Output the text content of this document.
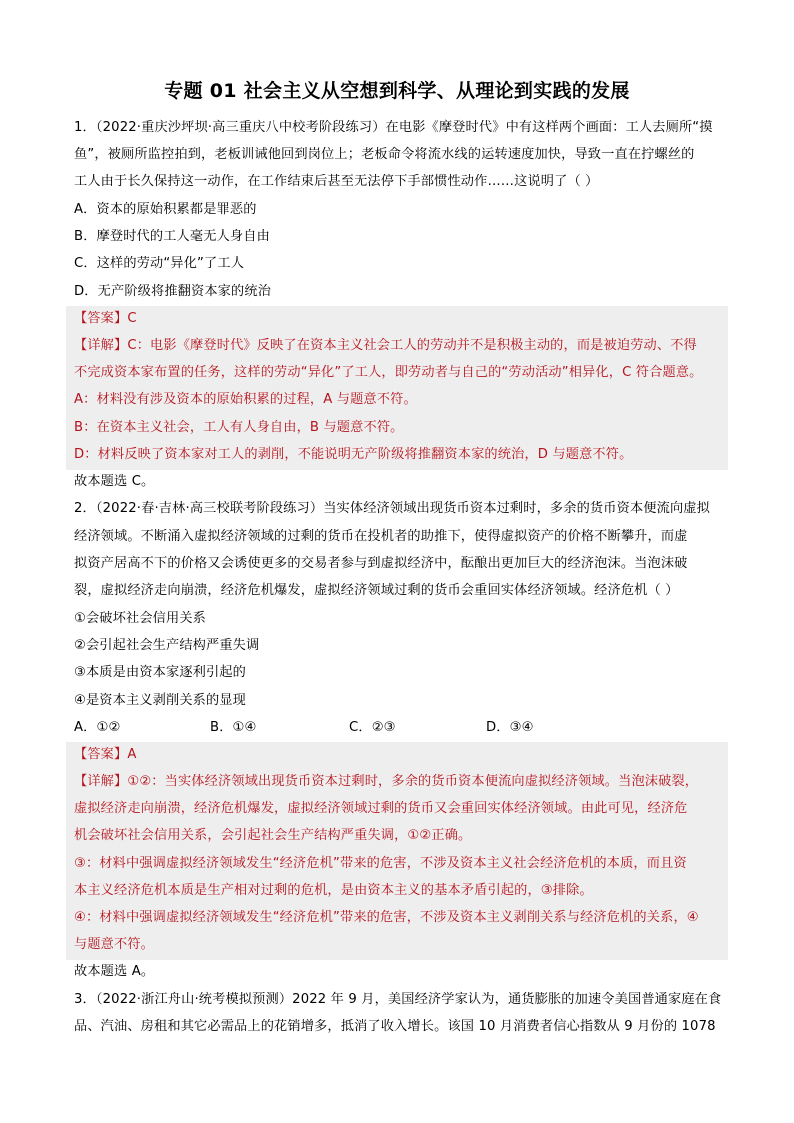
专题 01 社会主义从空想到科学、从理论到实践的发展
1．（2022·重庆沙坪坝·高三重庆八中校考阶段练习）在电影《摩登时代》中有这样两个画面：工人去厕所“摸
鱼”，被厕所监控拍到，老板训诫他回到岗位上；老板命令将流水线的运转速度加快，导致一直在拧螺丝的
工人由于长久保持这一动作，在工作结束后甚至无法停下手部惯性动作……这说明了（ ）
A．资本的原始积累都是罪恶的
B．摩登时代的工人毫无人身自由
C．这样的劳动“异化”了工人
D．无产阶级将推翻资本家的统治
【答案】C
【详解】C：电影《摩登时代》反映了在资本主义社会工人的劳动并不是积极主动的，而是被迫劳动、不得
不完成资本家布置的任务，这样的劳动“异化”了工人，即劳动者与自己的“劳动活动”相异化，C 符合题意。
A：材料没有涉及资本的原始积累的过程，A 与题意不符。
B：在资本主义社会，工人有人身自由，B 与题意不符。
D：材料反映了资本家对工人的剥削，不能说明无产阶级将推翻资本家的统治，D 与题意不符。
故本题选 C。
2．（2022·春·吉林·高三校联考阶段练习）当实体经济领域出现货币资本过剩时，多余的货币资本便流向虚拟
经济领域。不断涌入虚拟经济领域的过剩的货币在投机者的助推下，使得虚拟资产的价格不断攀升，而虚
拟资产居高不下的价格又会诱使更多的交易者参与到虚拟经济中，酝酿出更加巨大的经济泡沫。当泡沫破
裂，虚拟经济走向崩溃，经济危机爆发，虚拟经济领域过剩的货币会重回实体经济领域。经济危机（ ）
①会破坏社会信用关系
②会引起社会生产结构严重失调
③本质是由资本家逐利引起的
④是资本主义剥削关系的显现
A．①②	B．①④	C．②③	D．③④
【答案】A
【详解】①②：当实体经济领域出现货币资本过剩时，多余的货币资本便流向虚拟经济领域。当泡沫破裂，
虚拟经济走向崩溃，经济危机爆发，虚拟经济领域过剩的货币又会重回实体经济领域。由此可见，经济危
机会破坏社会信用关系，会引起社会生产结构严重失调，①②正确。
③：材料中强调虚拟经济领域发生“经济危机”带来的危害，不涉及资本主义社会经济危机的本质，而且资
本主义经济危机本质是生产相对过剩的危机，是由资本主义的基本矛盾引起的，③排除。
④：材料中强调虚拟经济领域发生“经济危机”带来的危害，不涉及资本主义剥削关系与经济危机的关系，④
与题意不符。
故本题选 A。
3．（2022·浙江舟山·统考模拟预测）2022 年 9 月，美国经济学家认为，通货膨胀的加速令美国普通家庭在食
品、汽油、房租和其它必需品上的花销增多，抵消了收入增长。该国 10 月消费者信心指数从 9 月份的 1078
